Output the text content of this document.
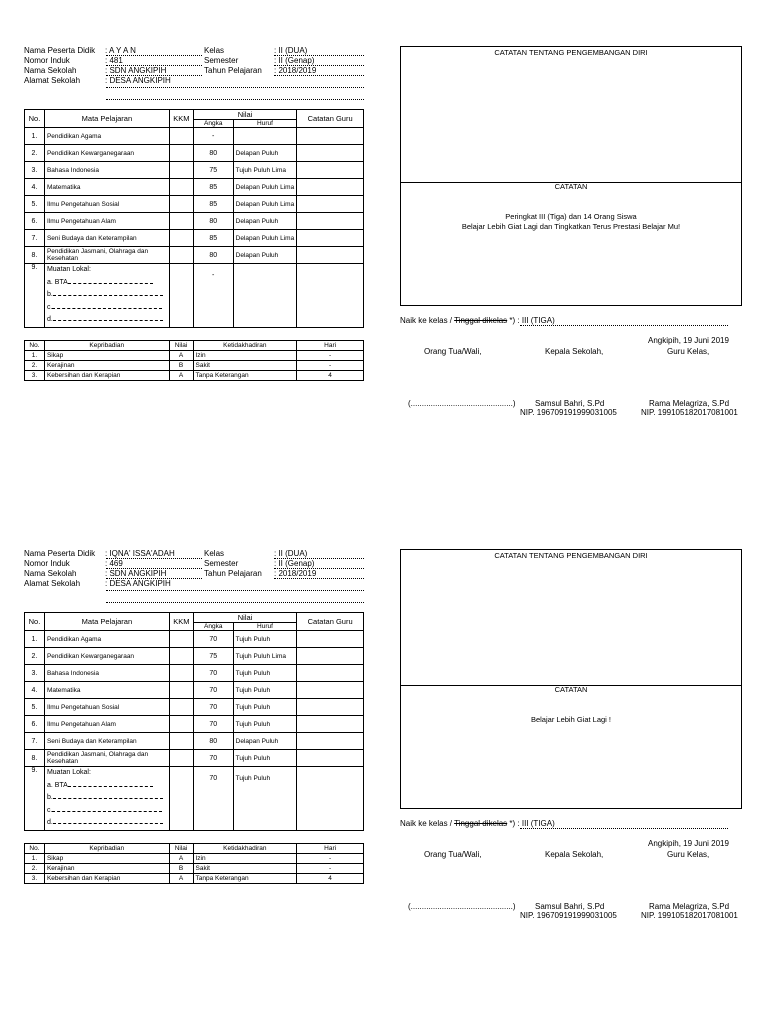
Nama Peserta Didik : A Y A N
Nomor Induk	: 481
Nama Sekolah	: SDN ANGKIPIH
Alamat Sekolah	: DESA ANGKIPIH
Kelas	: II (DUA)
Semester	: II (Genap)
Tahun Pelajaran : 2018/2019
No.	Mata Pelajaran	KKM	Nilai		Catatan Guru
			Angka	Huruf	
1.	Pendidikan Agama		-		
2.	Pendidikan Kewarganegaraan		80	Delapan Puluh	
3.	Bahasa Indonesia		75	Tujuh Puluh Lima	
4.	Matematika		85	Delapan Puluh Lima	
5.	Ilmu Pengetahuan Sosial		85	Delapan Puluh Lima	
6.	Ilmu Pengetahuan Alam		80	Delapan Puluh	
7.	Seni Budaya dan Keterampilan		85	Delapan Puluh Lima	
8.	Pendidikan Jasmani, Olahraga dan Kesehatan		80	Delapan Puluh	
9.	Muatan Lokal:
a. BTA
b.
c.
d.		-		
No.	Kepribadian	Nilai	Ketidakhadiran	Hari
1.	Sikap	A	Izin	-
2.	Kerajinan	B	Sakit	-
3.	Kebersihan dan Kerapian	A	Tanpa Keterangan	4
CATATAN TENTANG PENGEMBANGAN DIRI
CATATAN
Peringkat III (Tiga) dan 14 Orang Siswa
Belajar Lebih Giat Lagi dan Tingkatkan Terus Prestasi Belajar Mu!
Naik ke kelas / Tinggal dikelas *) : III (TIGA)
Angkipih, 19 Juni 2019
Orang Tua/Wali,	Kepala Sekolah,	Guru Kelas,
(..............................................) Samsul Bahri, S.Pd
NIP. 196709191999031005
Rama Melagriza, S.Pd
NIP. 199105182017081001
Nama Peserta Didik : IQNA' ISSA'ADAH
Nomor Induk	: 469
Nama Sekolah	: SDN ANGKIPIH
Alamat Sekolah	: DESA ANGKIPIH
Kelas	: II (DUA)
Semester	: II (Genap)
Tahun Pelajaran : 2018/2019
No.	Mata Pelajaran	KKM	Nilai		Catatan Guru
			Angka	Huruf	
1.	Pendidikan Agama		70	Tujuh Puluh	
2.	Pendidikan Kewarganegaraan		75	Tujuh Puluh Lima	
3.	Bahasa Indonesia		70	Tujuh Puluh	
4.	Matematika		70	Tujuh Puluh	
5.	Ilmu Pengetahuan Sosial		70	Tujuh Puluh	
6.	Ilmu Pengetahuan Alam		70	Tujuh Puluh	
7.	Seni Budaya dan Keterampilan		80	Delapan Puluh	
8.	Pendidikan Jasmani, Olahraga dan Kesehatan		70	Tujuh Puluh	
9.	Muatan Lokal:
a. BTA
b.
c.
d.		70	Tujuh Puluh	
No.	Kepribadian	Nilai	Ketidakhadiran	Hari
1.	Sikap	A	Izin	-
2.	Kerajinan	B	Sakit	-
3.	Kebersihan dan Kerapian	A	Tanpa Keterangan	4
CATATAN TENTANG PENGEMBANGAN DIRI
CATATAN
Belajar Lebih Giat Lagi !
Naik ke kelas / Tinggal dikelas *) : III (TIGA)
Angkipih, 19 Juni 2019
Orang Tua/Wali,	Kepala Sekolah,	Guru Kelas,
(..............................................) Samsul Bahri, S.Pd
NIP. 196709191999031005
Rama Melagriza, S.Pd
NIP. 199105182017081001
